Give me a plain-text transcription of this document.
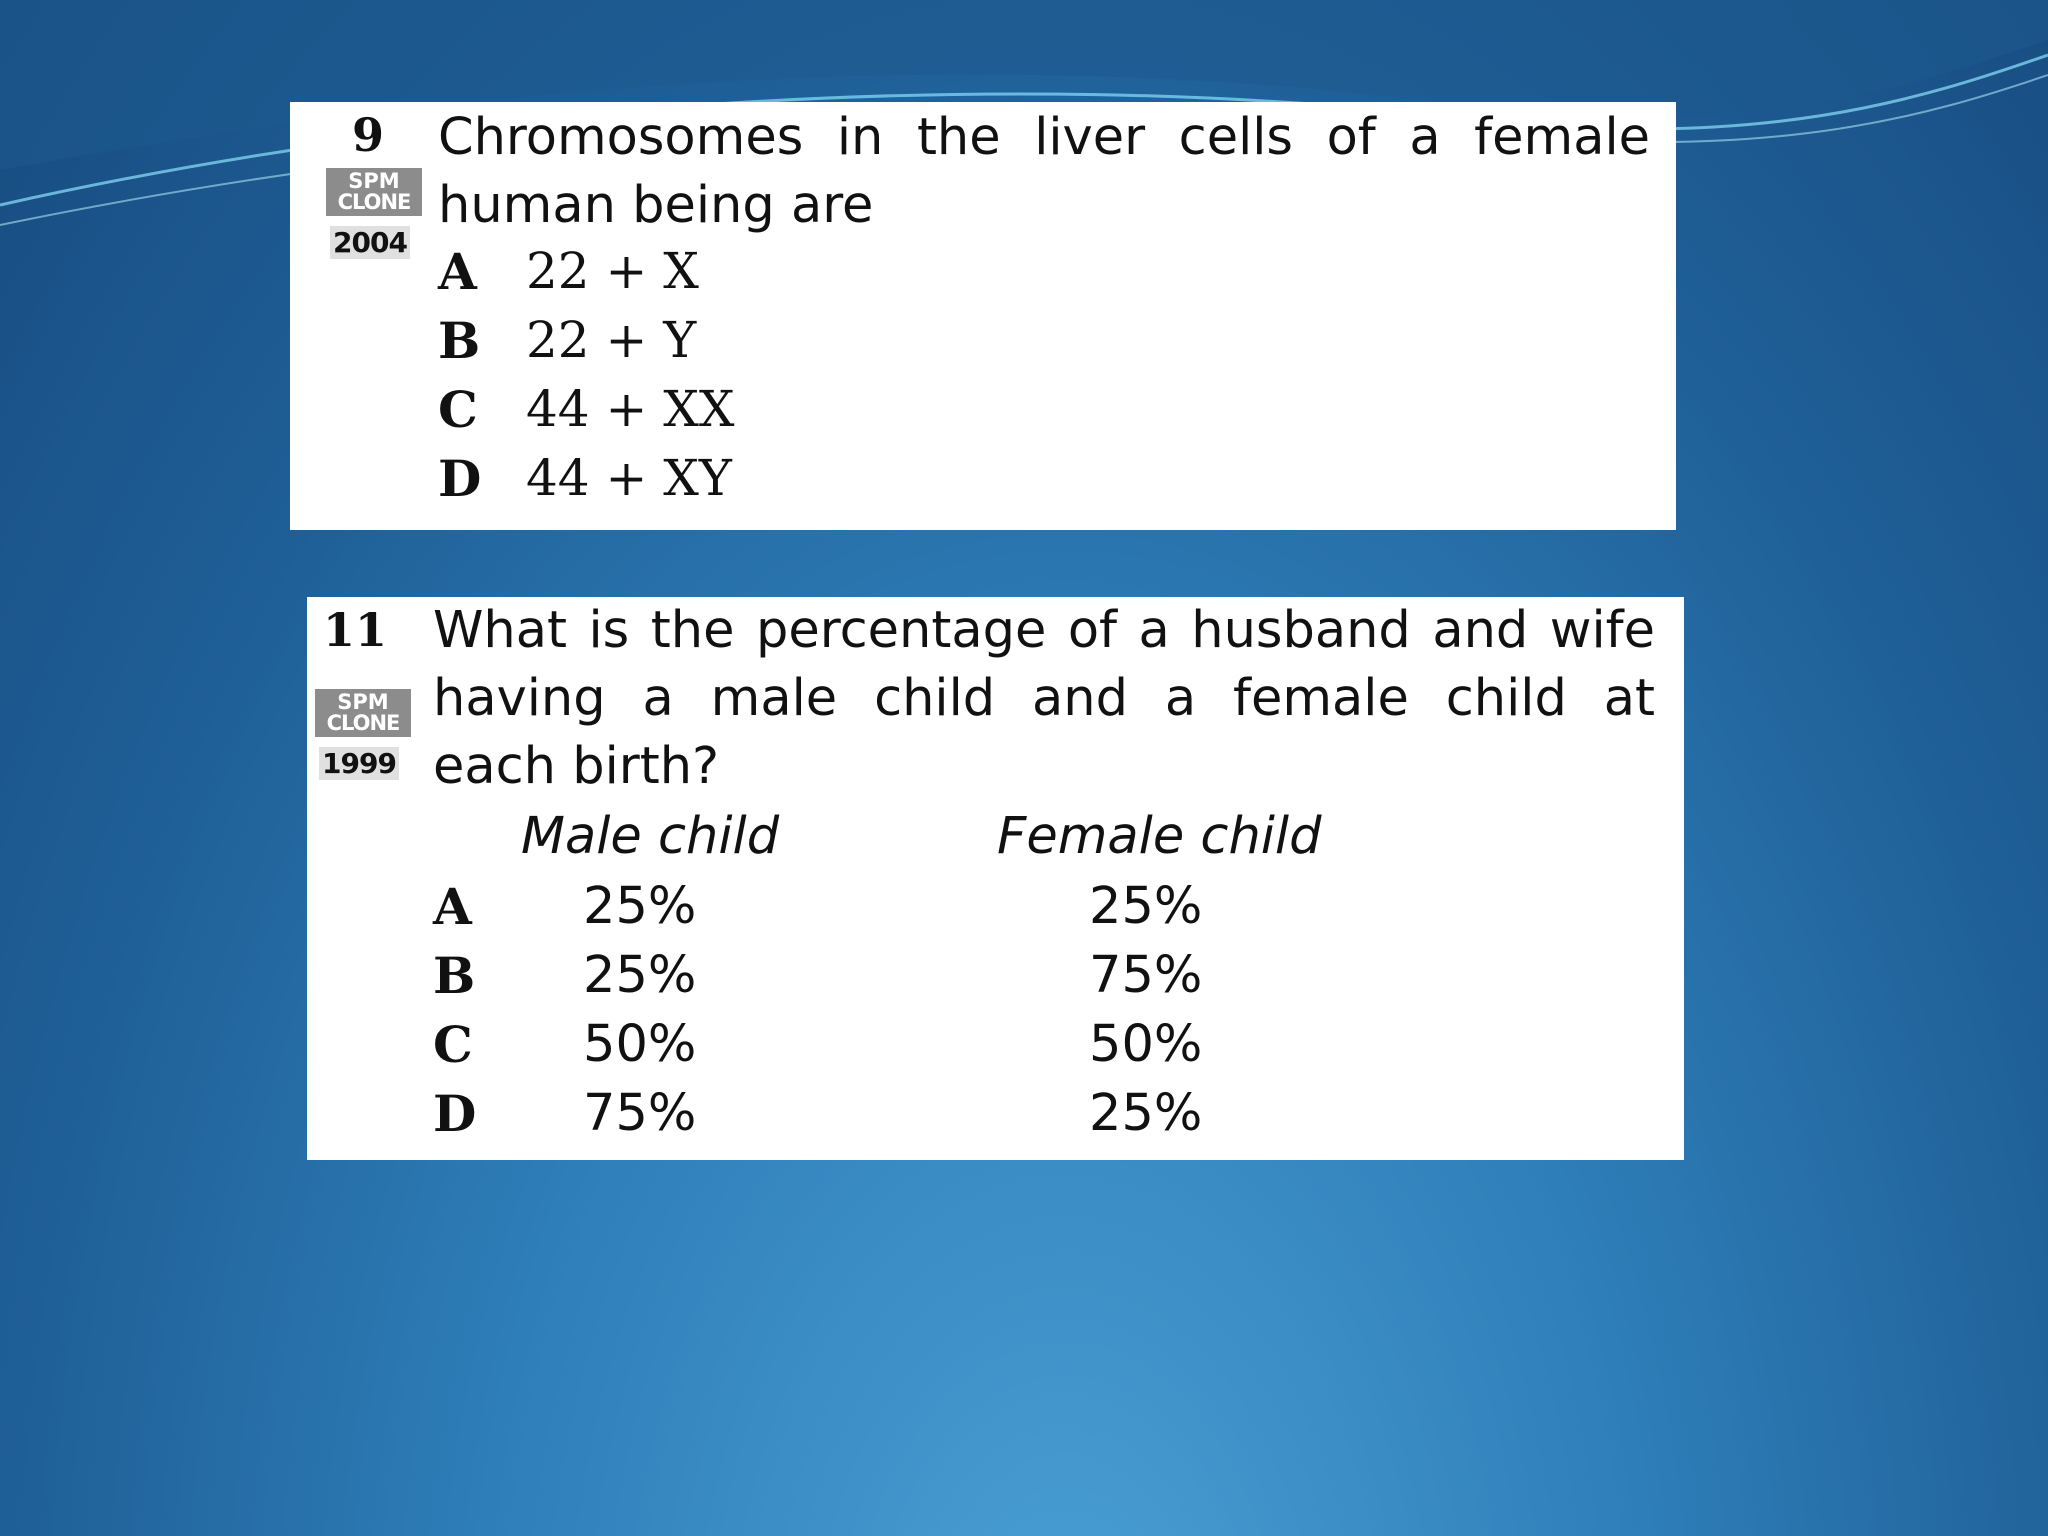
9
SPM
CLONE
2004
Chromosomes in the liver cells of a female
human being are
A 22 + X
B 22 + Y
C 44 + XX
D 44 + XY
11
SPM
CLONE
1999
What is the percentage of a husband and wife
having a male child and a female child at
each birth?
Male child	Female child
A 25%	25%
B 25%	75%
C 50%	50%
D 75%	25%
